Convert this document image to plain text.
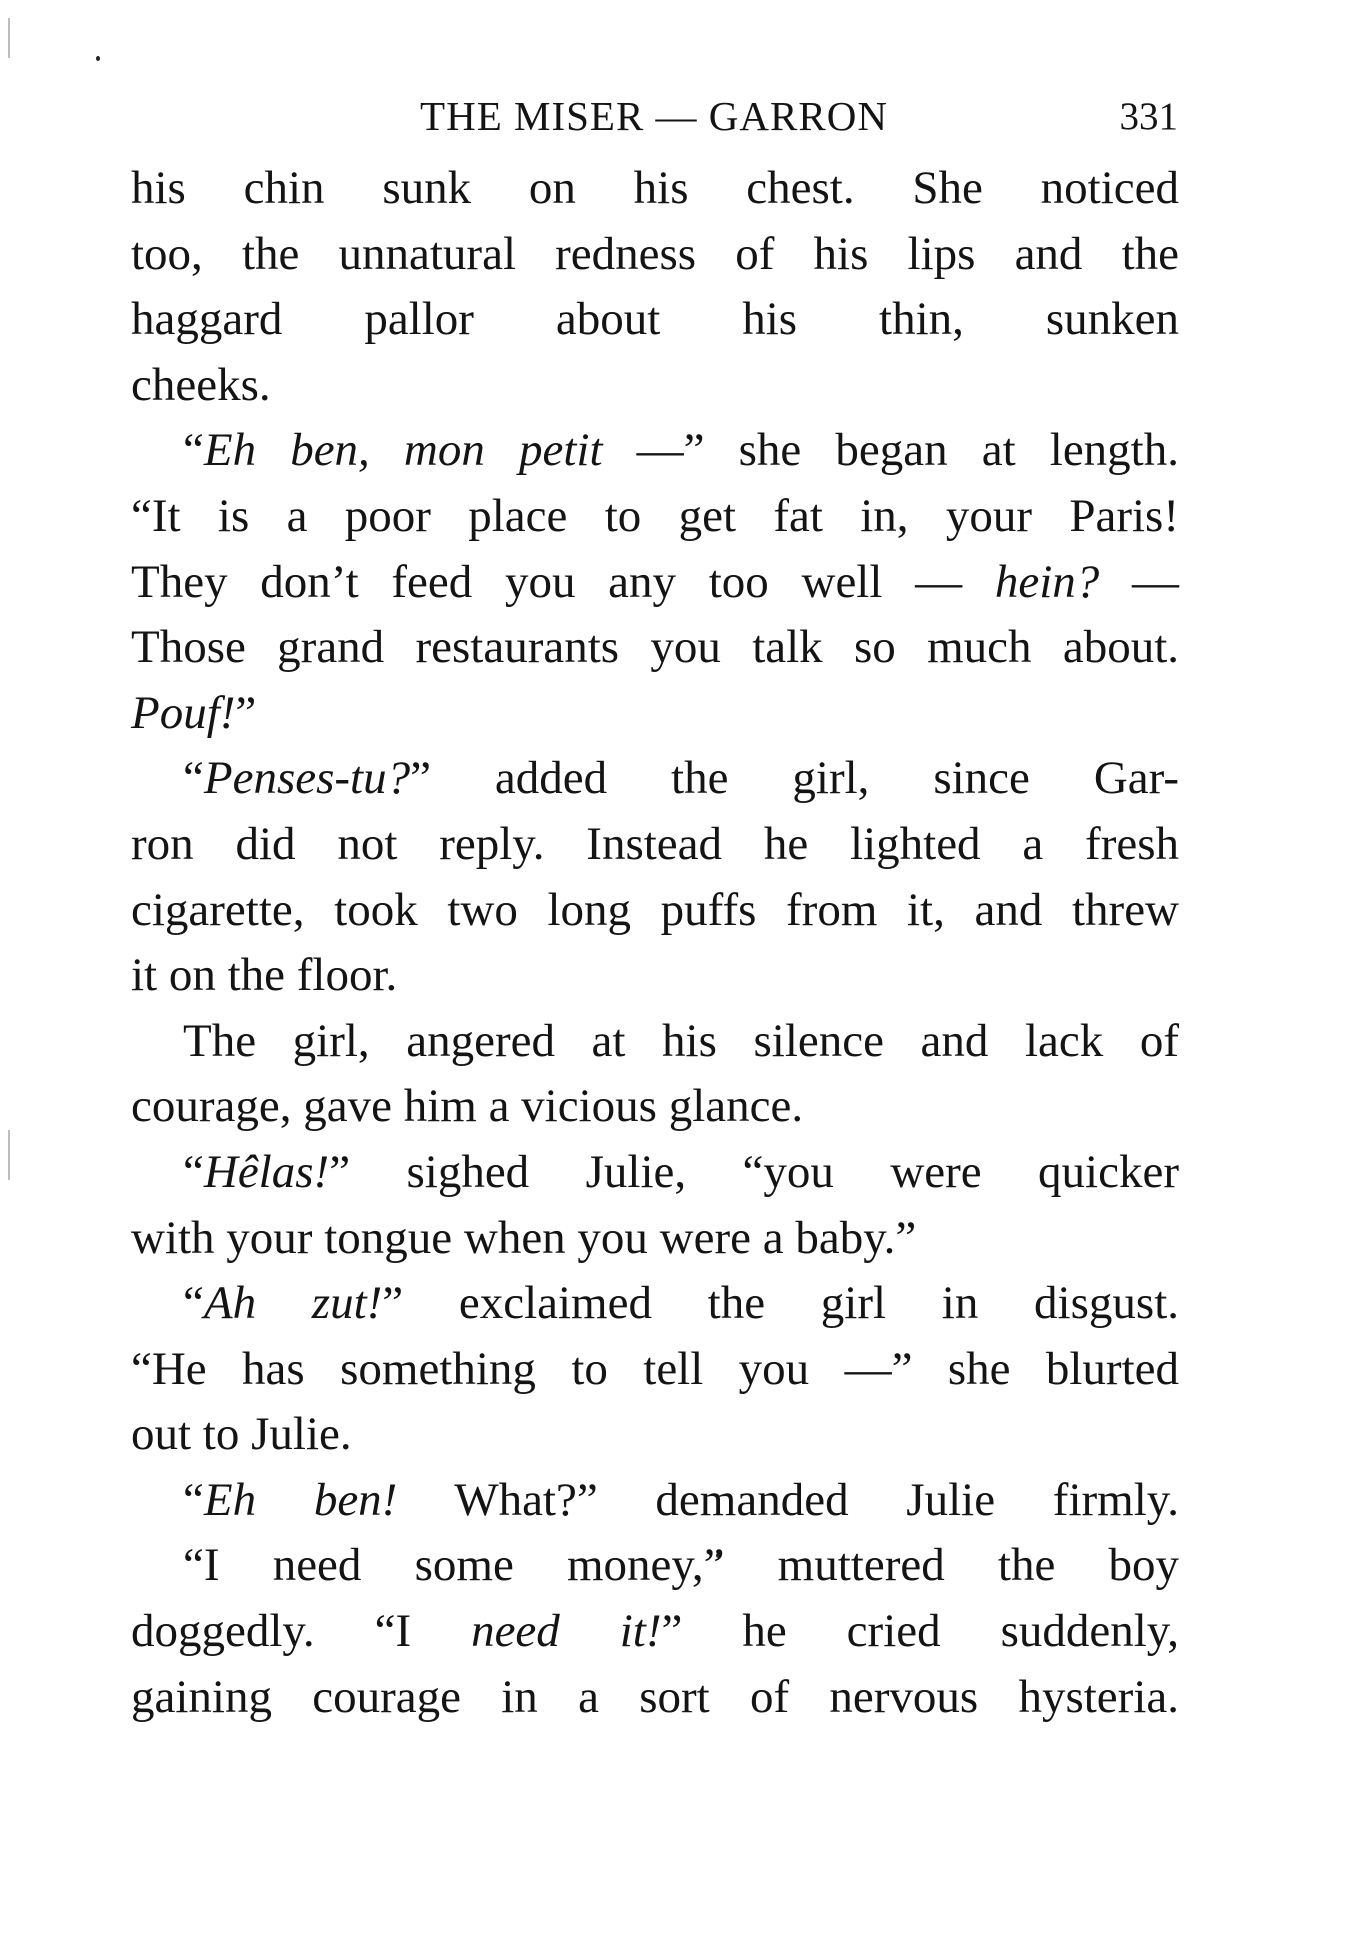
THE MISER — GARRON	331
his chin sunk on his chest. She noticed
too, the unnatural redness of his lips and the
haggard pallor about his thin, sunken
cheeks.
“Eh ben, mon petit —” she began at length.
“It is a poor place to get fat in, your Paris!
They don’t feed you any too well — hein? —
Those grand restaurants you talk so much about.
Pouf!”
“Penses-tu?” added the girl, since Gar-
ron did not reply. Instead he lighted a fresh
cigarette, took two long puffs from it, and threw
it on the floor.
The girl, angered at his silence and lack of
courage, gave him a vicious glance.
“Hêlas!” sighed Julie, “you were quicker
with your tongue when you were a baby.”
“Ah zut!” exclaimed the girl in disgust.
“He has something to tell you —” she blurted
out to Julie.
“Eh ben! What?” demanded Julie firmly.
“I need some money,” muttered the boy
doggedly. “I need it!” he cried suddenly,
gaining courage in a sort of nervous hysteria.
